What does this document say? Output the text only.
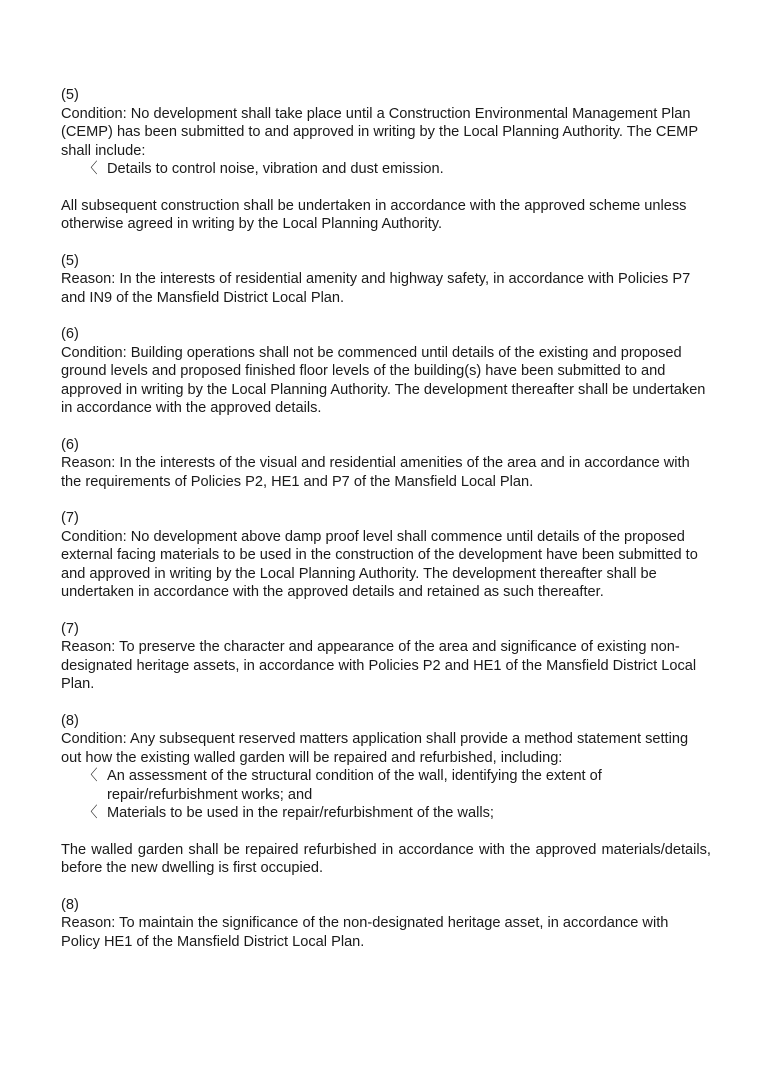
(5)

Condition: No development shall take place until a Construction Environmental Management Plan (CEMP) has been submitted to and approved in writing by the Local Planning Authority. The CEMP shall include:

〈 Details to control noise, vibration and dust emission.

All subsequent construction shall be undertaken in accordance with the approved scheme unless otherwise agreed in writing by the Local Planning Authority.

(5)

Reason: In the interests of residential amenity and highway safety, in accordance with Policies P7 and IN9 of the Mansfield District Local Plan.

(6)

Condition: Building operations shall not be commenced until details of the existing and proposed ground levels and proposed finished floor levels of the building(s) have been submitted to and approved in writing by the Local Planning Authority. The development thereafter shall be undertaken in accordance with the approved details.

(6)

Reason: In the interests of the visual and residential amenities of the area and in accordance with the requirements of Policies P2, HE1 and P7 of the Mansfield Local Plan.

(7)

Condition: No development above damp proof level shall commence until details of the proposed external facing materials to be used in the construction of the development have been submitted to and approved in writing by the Local Planning Authority. The development thereafter shall be undertaken in accordance with the approved details and retained as such thereafter.

(7)

Reason: To preserve the character and appearance of the area and significance of existing non-designated heritage assets, in accordance with Policies P2 and HE1 of the Mansfield District Local Plan.

(8)

Condition: Any subsequent reserved matters application shall provide a method statement setting out how the existing walled garden will be repaired and refurbished, including:

〈 An assessment of the structural condition of the wall, identifying the extent of repair/refurbishment works; and
〈 Materials to be used in the repair/refurbishment of the walls;

The walled garden shall be repaired refurbished in accordance with the approved materials/details, before the new dwelling is first occupied.

(8)

Reason: To maintain the significance of the non-designated heritage asset, in accordance with Policy HE1 of the Mansfield District Local Plan.
